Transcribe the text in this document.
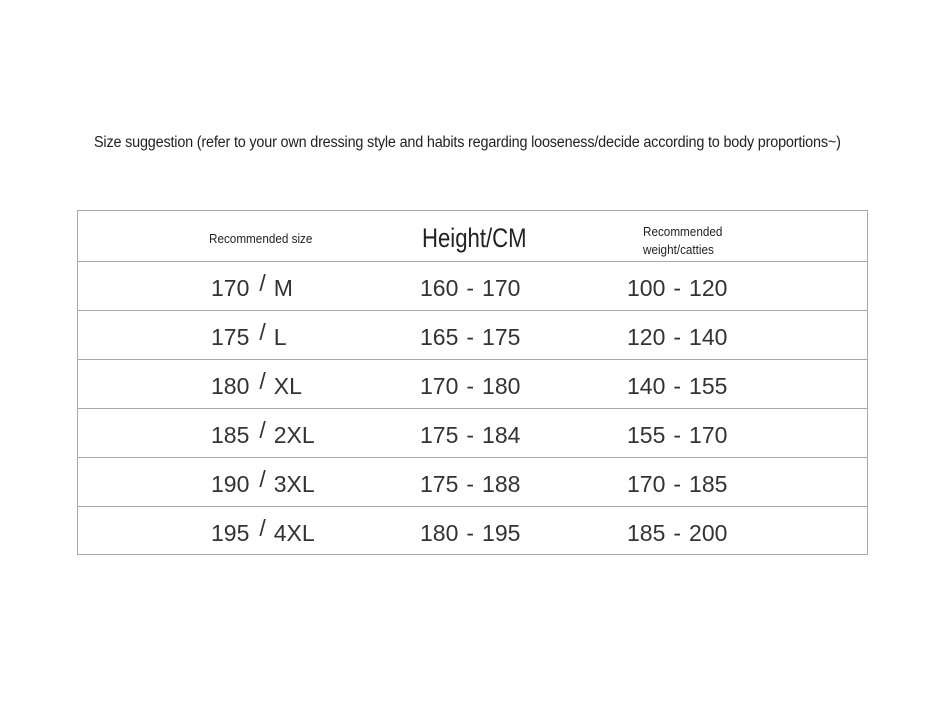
Size suggestion (refer to your own dressing style and habits regarding looseness/decide according to body proportions~)
Recommended size	Height/CM	Recommended
weight/catties
170 / M	160 - 170	100 - 120
175 / L	165 - 175	120 - 140
180 / XL	170 - 180	140 - 155
185 / 2XL	175 - 184	155 - 170
190 / 3XL	175 - 188	170 - 185
195 / 4XL	180 - 195	185 - 200
